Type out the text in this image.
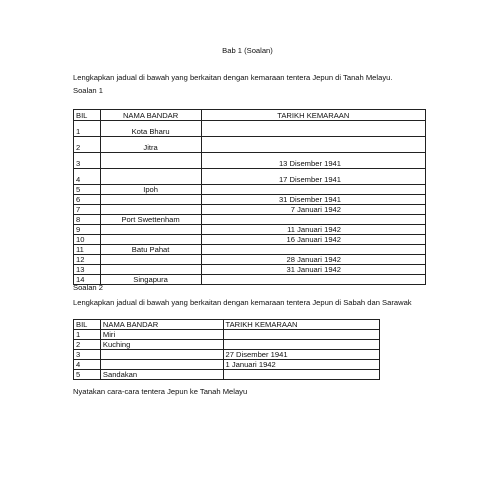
Bab 1 (Soalan)
Soalan 1
Lengkapkan jadual di bawah yang berkaitan dengan kemaraan tentera Jepun di Tanah Melayu.
BIL	NAMA BANDAR	TARIKH KEMARAAN
1	Kota Bharu	
2	Jitra	
3		13 Disember 1941
4		17 Disember 1941
5	Ipoh	
6		31 Disember 1941
7		7 Januari 1942
8	Port Swettenham	
9		11 Januari 1942
10		16 Januari 1942
11	Batu Pahat	
12		28 Januari 1942
13		31 Januari 1942
14	Singapura	
Soalan 2
Lengkapkan jadual di bawah yang berkaitan dengan kemaraan tentera Jepun di Sabah dan Sarawak
BIL	NAMA BANDAR	TARIKH KEMARAAN
1	Miri	
2	Kuching	
3		27 Disember 1941
4		1 Januari 1942
5	Sandakan	
Nyatakan cara-cara tentera Jepun ke Tanah Melayu
